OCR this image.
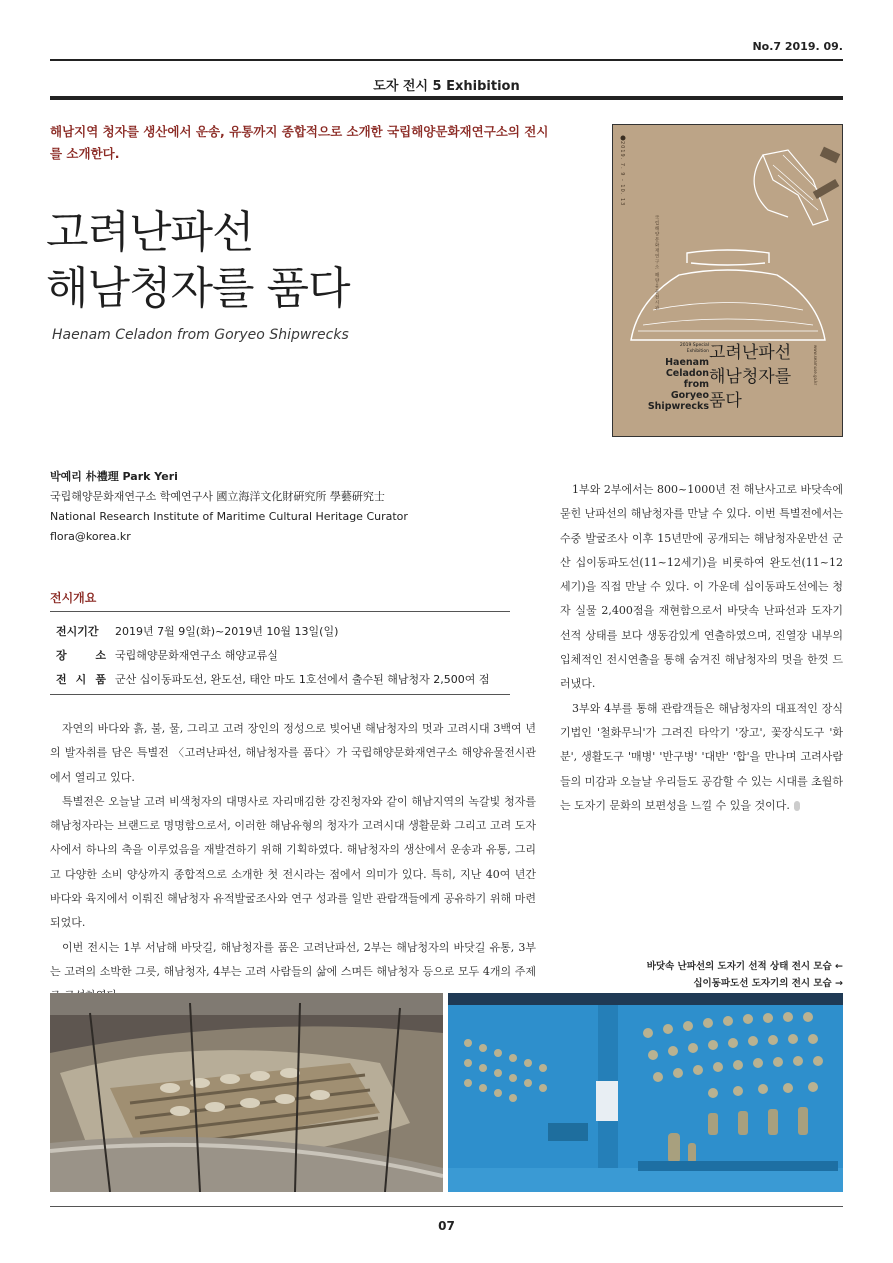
No.7 2019. 09.
도자 전시 5 Exhibition
해남지역 청자를 생산에서 운송, 유통까지 종합적으로 소개한 국립해양문화재연구소의 전시를 소개한다.
고려난파선
해남청자를 품다
Haenam Celadon from Goryeo Shipwrecks
2019. 7. 9 - 10. 13
국립해양문화재연구소 해양유물전시관
www.seamuse.go.kr
2019 Special Exhibition
Haenam
Celadon
from
Goryeo
Shipwrecks
고려난파선
해남청자를
품다
박예리 朴禮理 Park Yeri
국립해양문화재연구소 학예연구사 國立海洋文化財硏究所 學藝硏究士
National Research Institute of Maritime Cultural Heritage Curator
flora@korea.kr
전시개요
전시기간 2019년 7월 9일(화)~2019년 10월 13일(일)
장 소 국립해양문화재연구소 해양교류실
전 시 품 군산 십이동파도선, 완도선, 태안 마도 1호선에서 출수된 해남청자 2,500여 점

자연의 바다와 흙, 불, 물, 그리고 고려 장인의 정성으로 빚어낸 해남청자의 멋과 고려시대 3백여 년의 발자취를 담은 특별전 〈고려난파선, 해남청자를 품다〉가 국립해양문화재연구소 해양유물전시관에서 열리고 있다.

특별전은 오늘날 고려 비색청자의 대명사로 자리매김한 강진청자와 같이 해남지역의 녹갈빛 청자를 해남청자라는 브랜드로 명명함으로서, 이러한 해남유형의 청자가 고려시대 생활문화 그리고 고려 도자사에서 하나의 축을 이루었음을 재발견하기 위해 기획하였다. 해남청자의 생산에서 운송과 유통, 그리고 다양한 소비 양상까지 종합적으로 소개한 첫 전시라는 점에서 의미가 있다. 특히, 지난 40여 년간 바다와 육지에서 이뤄진 해남청자 유적발굴조사와 연구 성과를 일반 관람객들에게 공유하기 위해 마련되었다.

이번 전시는 1부 서남해 바닷길, 해남청자를 품은 고려난파선, 2부는 해남청자의 바닷길 유통, 3부는 고려의 소박한 그릇, 해남청자, 4부는 고려 사람들의 삶에 스며든 해남청자 등으로 모두 4개의 주제

1부와 2부에서는 800~1000년 전 해난사고로 바닷속에 묻힌 난파선의 해남청자를 만날 수 있다. 이번 특별전에서는 수중 발굴조사 이후 15년만에 공개되는 해남청자운반선 군산 십이동파도선(11~12세기)을 비롯하여 완도선(11~12세기)을 직접 만날 수 있다. 이 가운데 십이동파도선에는 청자 실물 2,400점을 재현함으로서 바닷속 난파선과 도자기 선적 상태를 보다 생동감있게 연출하였으며, 진열장 내부의 입체적인 전시연출을 통해 숨겨진 해남청자의 멋을 한껏 드러냈다.

3부와 4부를 통해 관람객들은 해남청자의 대표적인 장식기법인 '철화무늬'가 그려진 타악기 '장고', 꽃장식도구 '화분', 생활도구 '매병' '반구병' '대반' '합'을 만나며 고려사람들의 미감과 오늘날 우리들도 공감할 수 있는 시대를 초월하는 도자기 문화의 보편성을 느낄 수 있을 것이다.

바닷속 난파선의 도자기 선적 상태 전시 모습 ←
십이동파도선 도자기의 전시 모습 →
07
